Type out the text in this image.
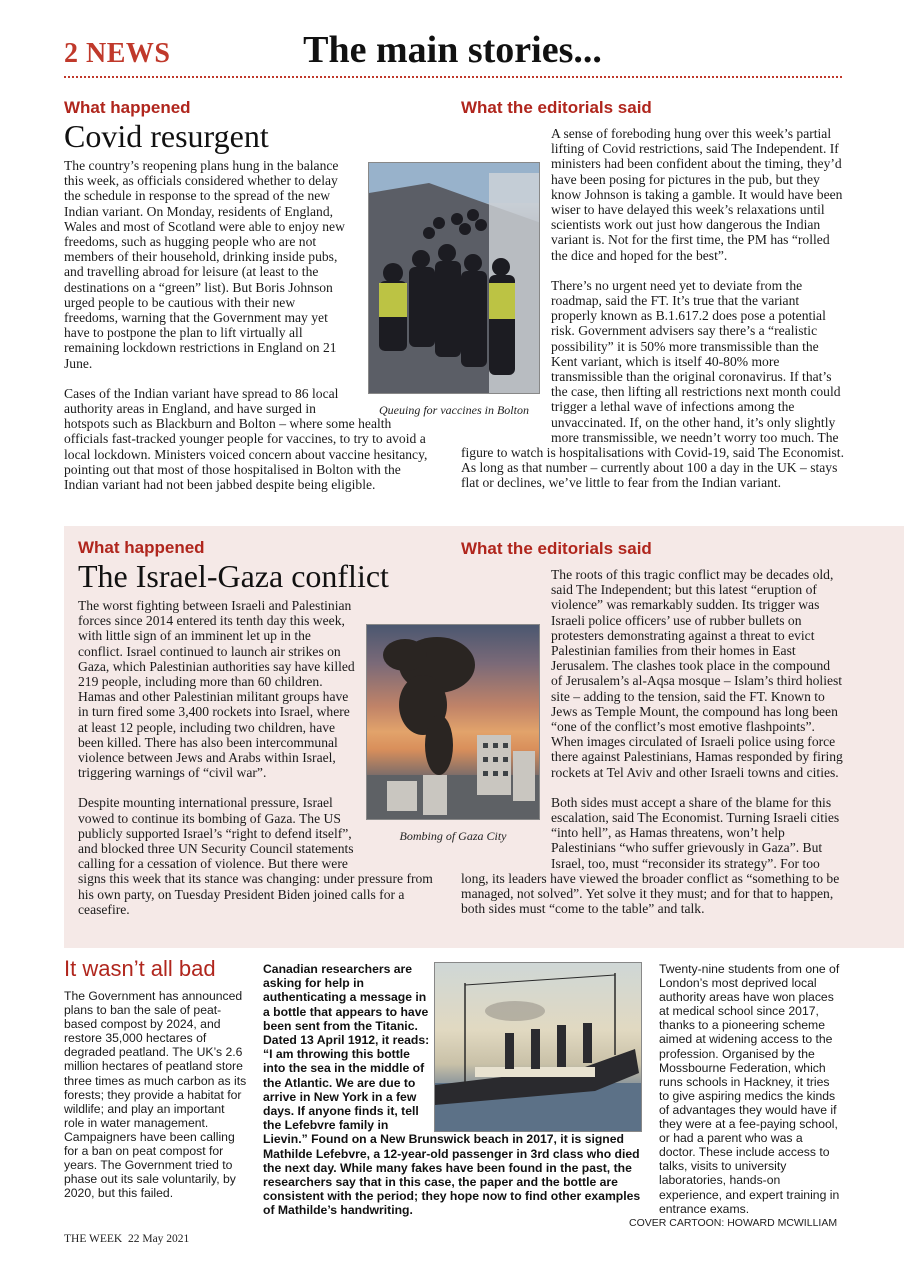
2 NEWS	The main stories...
What happened
Covid resurgent

The country’s reopening plans hung in the balance this week, as officials considered whether to delay the schedule in response to the spread of the new Indian variant. On Monday, residents of England, Wales and most of Scotland were able to enjoy new freedoms, such as hugging people who are not members of their household, drinking inside pubs, and travelling abroad for leisure (at least to the destinations on a “green” list). But Boris Johnson urged people to be cautious with their new freedoms, warning that the Government may yet have to postpone the plan to lift virtually all remaining lockdown restrictions in England on 21 June.

Cases of the Indian variant have spread to 86 local authority areas in England, and have surged in hotspots such as Blackburn and Bolton – where some health officials fast-tracked younger people for vaccines, to try to avoid a local lockdown. Ministers voiced concern about vaccine hesitancy, pointing out that most of those hospitalised in Bolton with the Indian variant had not been jabbed despite being eligible.

Queuing for vaccines in Bolton
What the editorials said

A sense of foreboding hung over this week’s partial lifting of Covid restrictions, said The Independent. If ministers had been confident about the timing, they’d have been posing for pictures in the pub, but they know Johnson is taking a gamble. It would have been wiser to have delayed this week’s relaxations until scientists work out just how dangerous the Indian variant is. Not for the first time, the PM has “rolled the dice and hoped for the best”.

There’s no urgent need yet to deviate from the roadmap, said the FT. It’s true that the variant properly known as B.1.617.2 does pose a potential risk. Government advisers say there’s a “realistic possibility” it is 50% more transmissible than the Kent variant, which is itself 40-80% more transmissible than the original coronavirus. If that’s the case, then lifting all restrictions next month could trigger a lethal wave of infections among the unvaccinated. If, on the other hand, it’s only slightly more transmissible, we needn’t worry too much. The figure to watch is hospitalisations with Covid-19, said The Economist. As long as that number – currently about 100 a day in the UK – stays flat or declines, we’ve little to fear from the Indian variant.

What happened
The Israel-Gaza conflict

The worst fighting between Israeli and Palestinian forces since 2014 entered its tenth day this week, with little sign of an imminent let up in the conflict. Israel continued to launch air strikes on Gaza, which Palestinian authorities say have killed 219 people, including more than 60 children. Hamas and other Palestinian militant groups have in turn fired some 3,400 rockets into Israel, where at least 12 people, including two children, have been killed. There has also been intercommunal violence between Jews and Arabs within Israel, triggering warnings of “civil war”.

Despite mounting international pressure, Israel vowed to continue its bombing of Gaza. The US publicly supported Israel’s “right to defend itself”, and blocked three UN Security Council statements calling for a cessation of violence. But there were signs this week that its stance was changing: under pressure from his own party, on Tuesday President Biden joined calls for a ceasefire.

Bombing of Gaza City
What the editorials said

The roots of this tragic conflict may be decades old, said The Independent; but this latest “eruption of violence” was remarkably sudden. Its trigger was Israeli police officers’ use of rubber bullets on protesters demonstrating against a threat to evict Palestinian families from their homes in East Jerusalem. The clashes took place in the compound of Jerusalem’s al-Aqsa mosque – Islam’s third holiest site – adding to the tension, said the FT. Known to Jews as Temple Mount, the compound has long been “one of the conflict’s most emotive flashpoints”. When images circulated of Israeli police using force there against Palestinians, Hamas responded by firing rockets at Tel Aviv and other Israeli towns and cities.

Both sides must accept a share of the blame for this escalation, said The Economist. Turning Israeli cities “into hell”, as Hamas threatens, won’t help Palestinians “who suffer grievously in Gaza”. But Israel, too, must “reconsider its strategy”. For too long, its leaders have viewed the broader conflict as “something to be managed, not solved”. Yet solve it they must; and for that to happen, both sides must “come to the table” and talk.

It wasn’t all bad
The Government has announced plans to ban the sale of peat-based compost by 2024, and restore 35,000 hectares of degraded peatland. The UK’s 2.6 million hectares of peatland store three times as much carbon as its forests; they provide a habitat for wildlife; and play an important role in water management. Campaigners have been calling for a ban on peat compost for years. The Government tried to phase out its sale voluntarily, by 2020, but this failed.
Canadian researchers are asking for help in authenticating a message in a bottle that appears to have been sent from the Titanic. Dated 13 April 1912, it reads: “I am throwing this bottle into the sea in the middle of the Atlantic. We are due to arrive in New York in a few days. If anyone finds it, tell the Lefebvre family in Lievin.” Found on a New Brunswick beach in 2017, it is signed Mathilde Lefebvre, a 12-year-old passenger in 3rd class who died the next day. While many fakes have been found in the past, the researchers say that in this case, the paper and the bottle are consistent with the period; they hope now to find other examples of Mathilde’s handwriting.
Twenty-nine students from one of London’s most deprived local authority areas have won places at medical school since 2017, thanks to a pioneering scheme aimed at widening access to the profession. Organised by the Mossbourne Federation, which runs schools in Hackney, it tries to give aspiring medics the kinds of advantages they would have if they were at a fee-paying school, or had a parent who was a doctor. These include access to talks, visits to university laboratories, hands-on experience, and expert training in entrance exams.
COVER CARTOON: HOWARD MCWILLIAM
THE WEEK  22 May 2021
